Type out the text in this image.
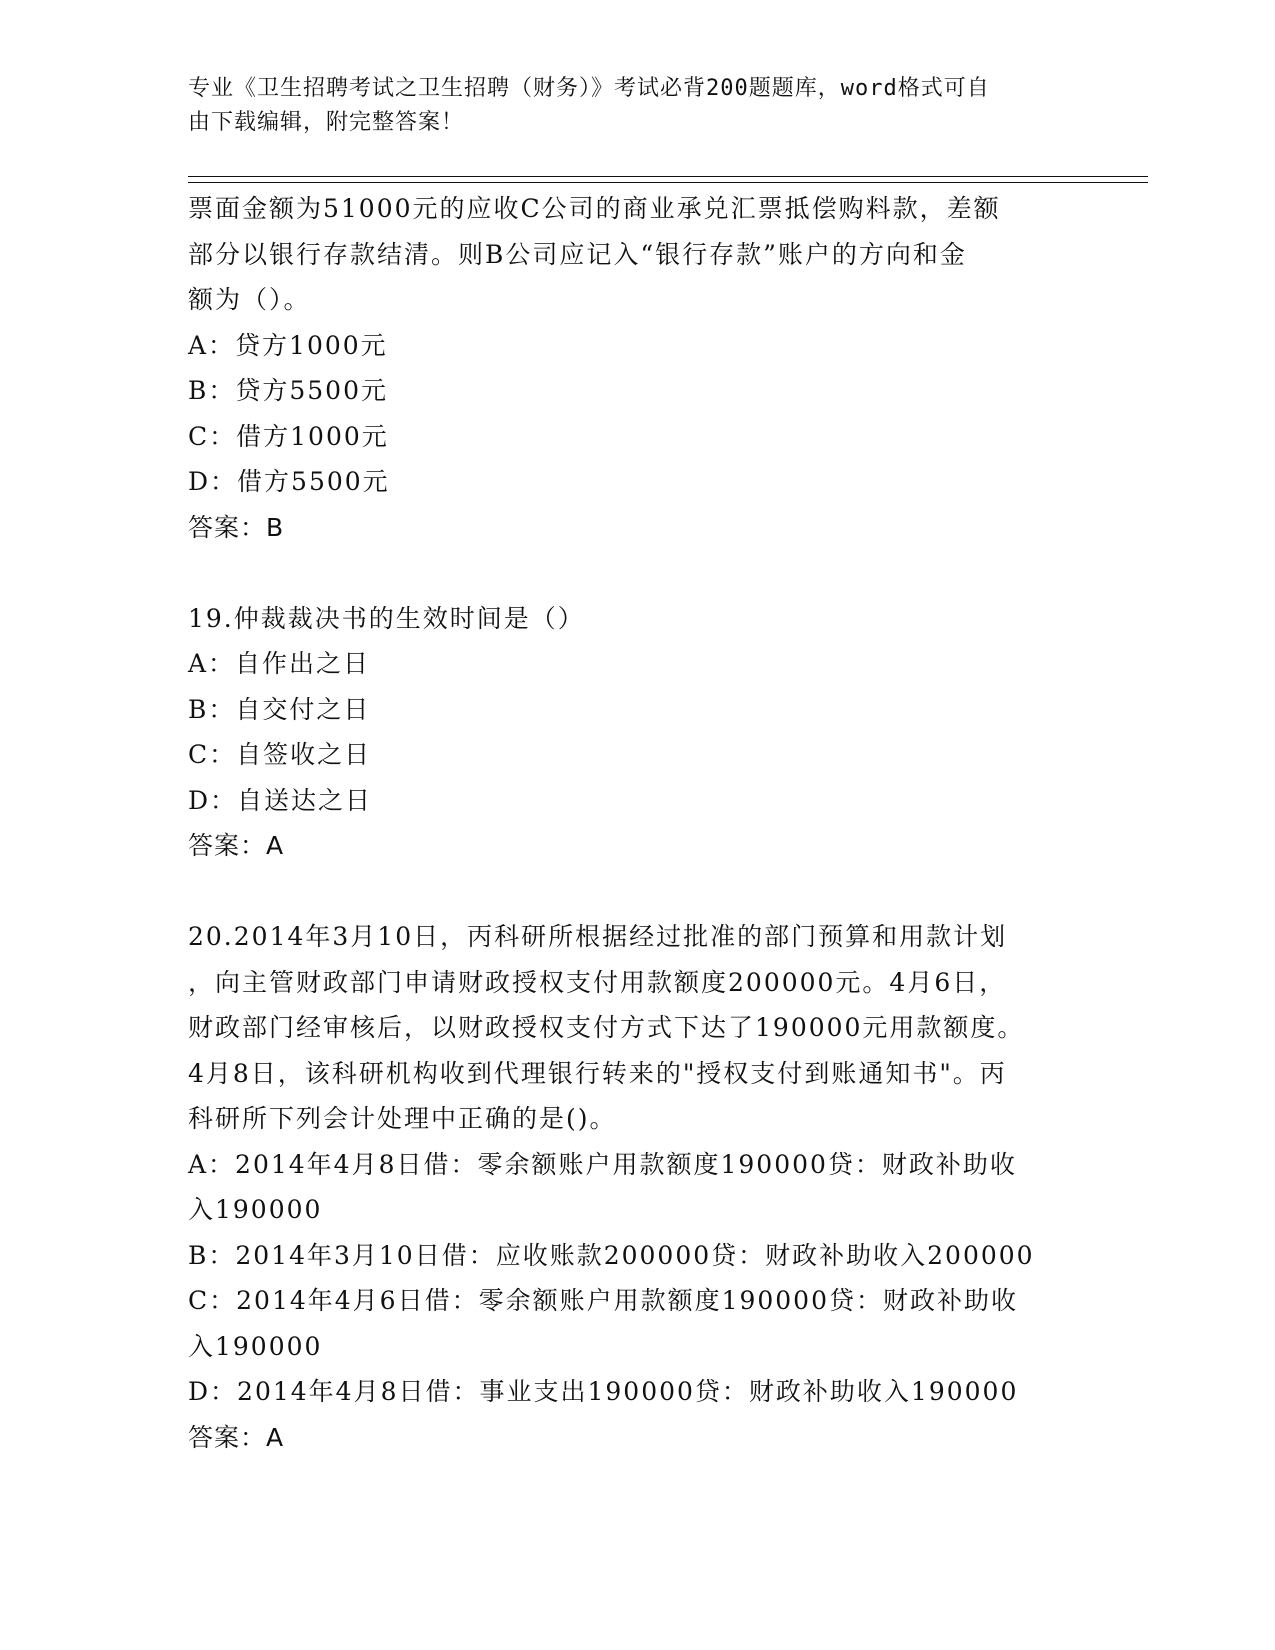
专业《卫生招聘考试之卫生招聘（财务）》考试必背200题题库，word格式可自
由下载编辑，附完整答案！
票面金额为51000元的应收C公司的商业承兑汇票抵偿购料款，差额
部分以银行存款结清。则B公司应记入“银行存款”账户的方向和金
额为（）。
A：贷方1000元
B：贷方5500元
C：借方1000元
D：借方5500元
答案：B
19.仲裁裁决书的生效时间是（）
A：自作出之日
B：自交付之日
C：自签收之日
D：自送达之日
答案：A
20.2014年3月10日，丙科研所根据经过批准的部门预算和用款计划
，向主管财政部门申请财政授权支付用款额度200000元。4月6日，
财政部门经审核后，以财政授权支付方式下达了190000元用款额度。
4月8日，该科研机构收到代理银行转来的"授权支付到账通知书"。丙
科研所下列会计处理中正确的是()。
A：2014年4月8日借：零余额账户用款额度190000贷：财政补助收
入190000
B：2014年3月10日借：应收账款200000贷：财政补助收入200000
C：2014年4月6日借：零余额账户用款额度190000贷：财政补助收
入190000
D：2014年4月8日借：事业支出190000贷：财政补助收入190000
答案：A
